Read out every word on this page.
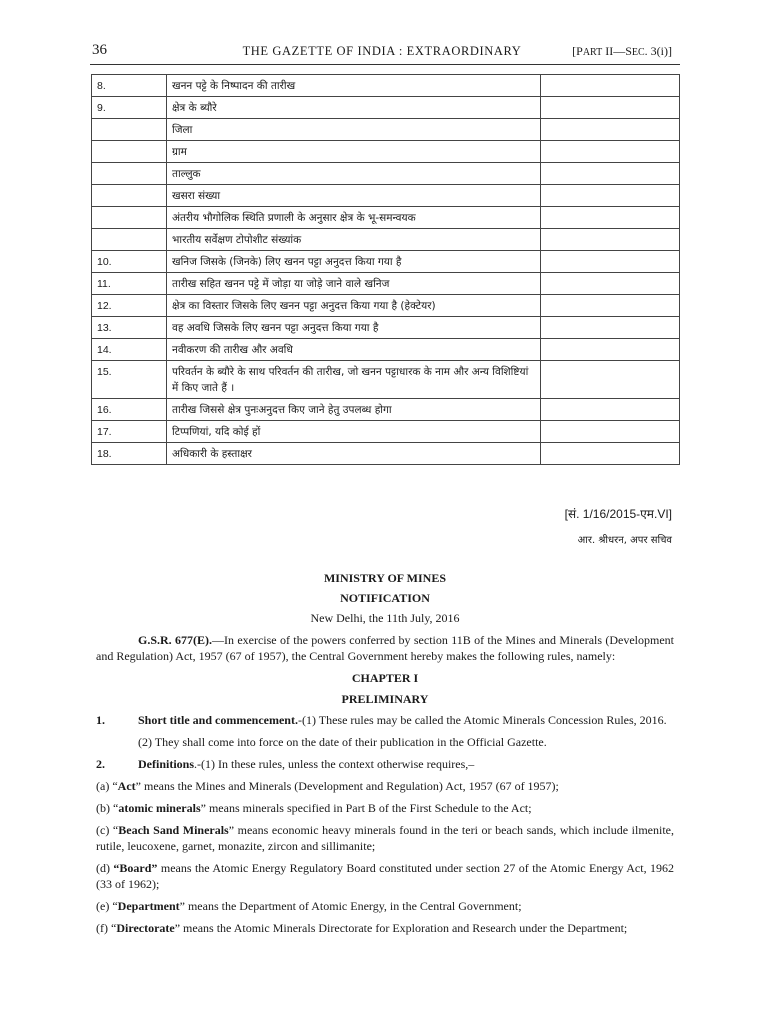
36	THE GAZETTE OF INDIA : EXTRAORDINARY	[PART II—SEC. 3(i)]
8.	खनन पट्टे के निष्पादन की तारीख	
9.	क्षेत्र के ब्यौरे	
	जिला	
	ग्राम	
	ताल्लुक	
	खसरा संख्या	
	अंतरीय भौगोलिक स्थिति प्रणाली के अनुसार क्षेत्र के भू-समन्वयक	
	भारतीय सर्वेक्षण टोपोशीट संख्यांक	
10.	खनिज जिसके (जिनके) लिए खनन पट्टा अनुदत्त किया गया है	
11.	तारीख सहित खनन पट्टे में जोड़ा या जोड़े जाने वाले खनिज	
12.	क्षेत्र का विस्तार जिसके लिए खनन पट्टा अनुदत्त किया गया है (हेक्टेयर)	
13.	वह अवधि जिसके लिए खनन पट्टा अनुदत्त किया गया है	
14.	नवीकरण की तारीख और अवधि	
15.	परिवर्तन के ब्यौरे के साथ परिवर्तन की तारीख, जो खनन पट्टाधारक के नाम और अन्य विशिष्टियां में किए जाते हैं ।	
16.	तारीख जिससे क्षेत्र पुनःअनुदत्त किए जाने हेतु उपलब्ध होगा	
17.	टिप्पणियां, यदि कोई हों	
18.	अधिकारी के हस्ताक्षर	
[सं. 1/16/2015-एम.VI]
आर. श्रीधरन, अपर सचिव
MINISTRY OF MINES
NOTIFICATION
New Delhi, the 11th July, 2016
G.S.R. 677(E).—In exercise of the powers conferred by section 11B of the Mines and Minerals (Development and Regulation) Act, 1957 (67 of 1957), the Central Government hereby makes the following rules, namely:
CHAPTER I
PRELIMINARY
1.	Short title and commencement.-(1) These rules may be called the Atomic Minerals Concession Rules, 2016.
(2) They shall come into force on the date of their publication in the Official Gazette.
2.	Definitions.-(1) In these rules, unless the context otherwise requires,–
(a) “Act” means the Mines and Minerals (Development and Regulation) Act, 1957 (67 of 1957);
(b) “atomic minerals” means minerals specified in Part B of the First Schedule to the Act;
(c) “Beach Sand Minerals” means economic heavy minerals found in the teri or beach sands, which include ilmenite, rutile, leucoxene, garnet, monazite, zircon and sillimanite;
(d) “Board” means the Atomic Energy Regulatory Board constituted under section 27 of the Atomic Energy Act, 1962 (33 of 1962);
(e) “Department” means the Department of Atomic Energy, in the Central Government;
(f) “Directorate” means the Atomic Minerals Directorate for Exploration and Research under the Department;
